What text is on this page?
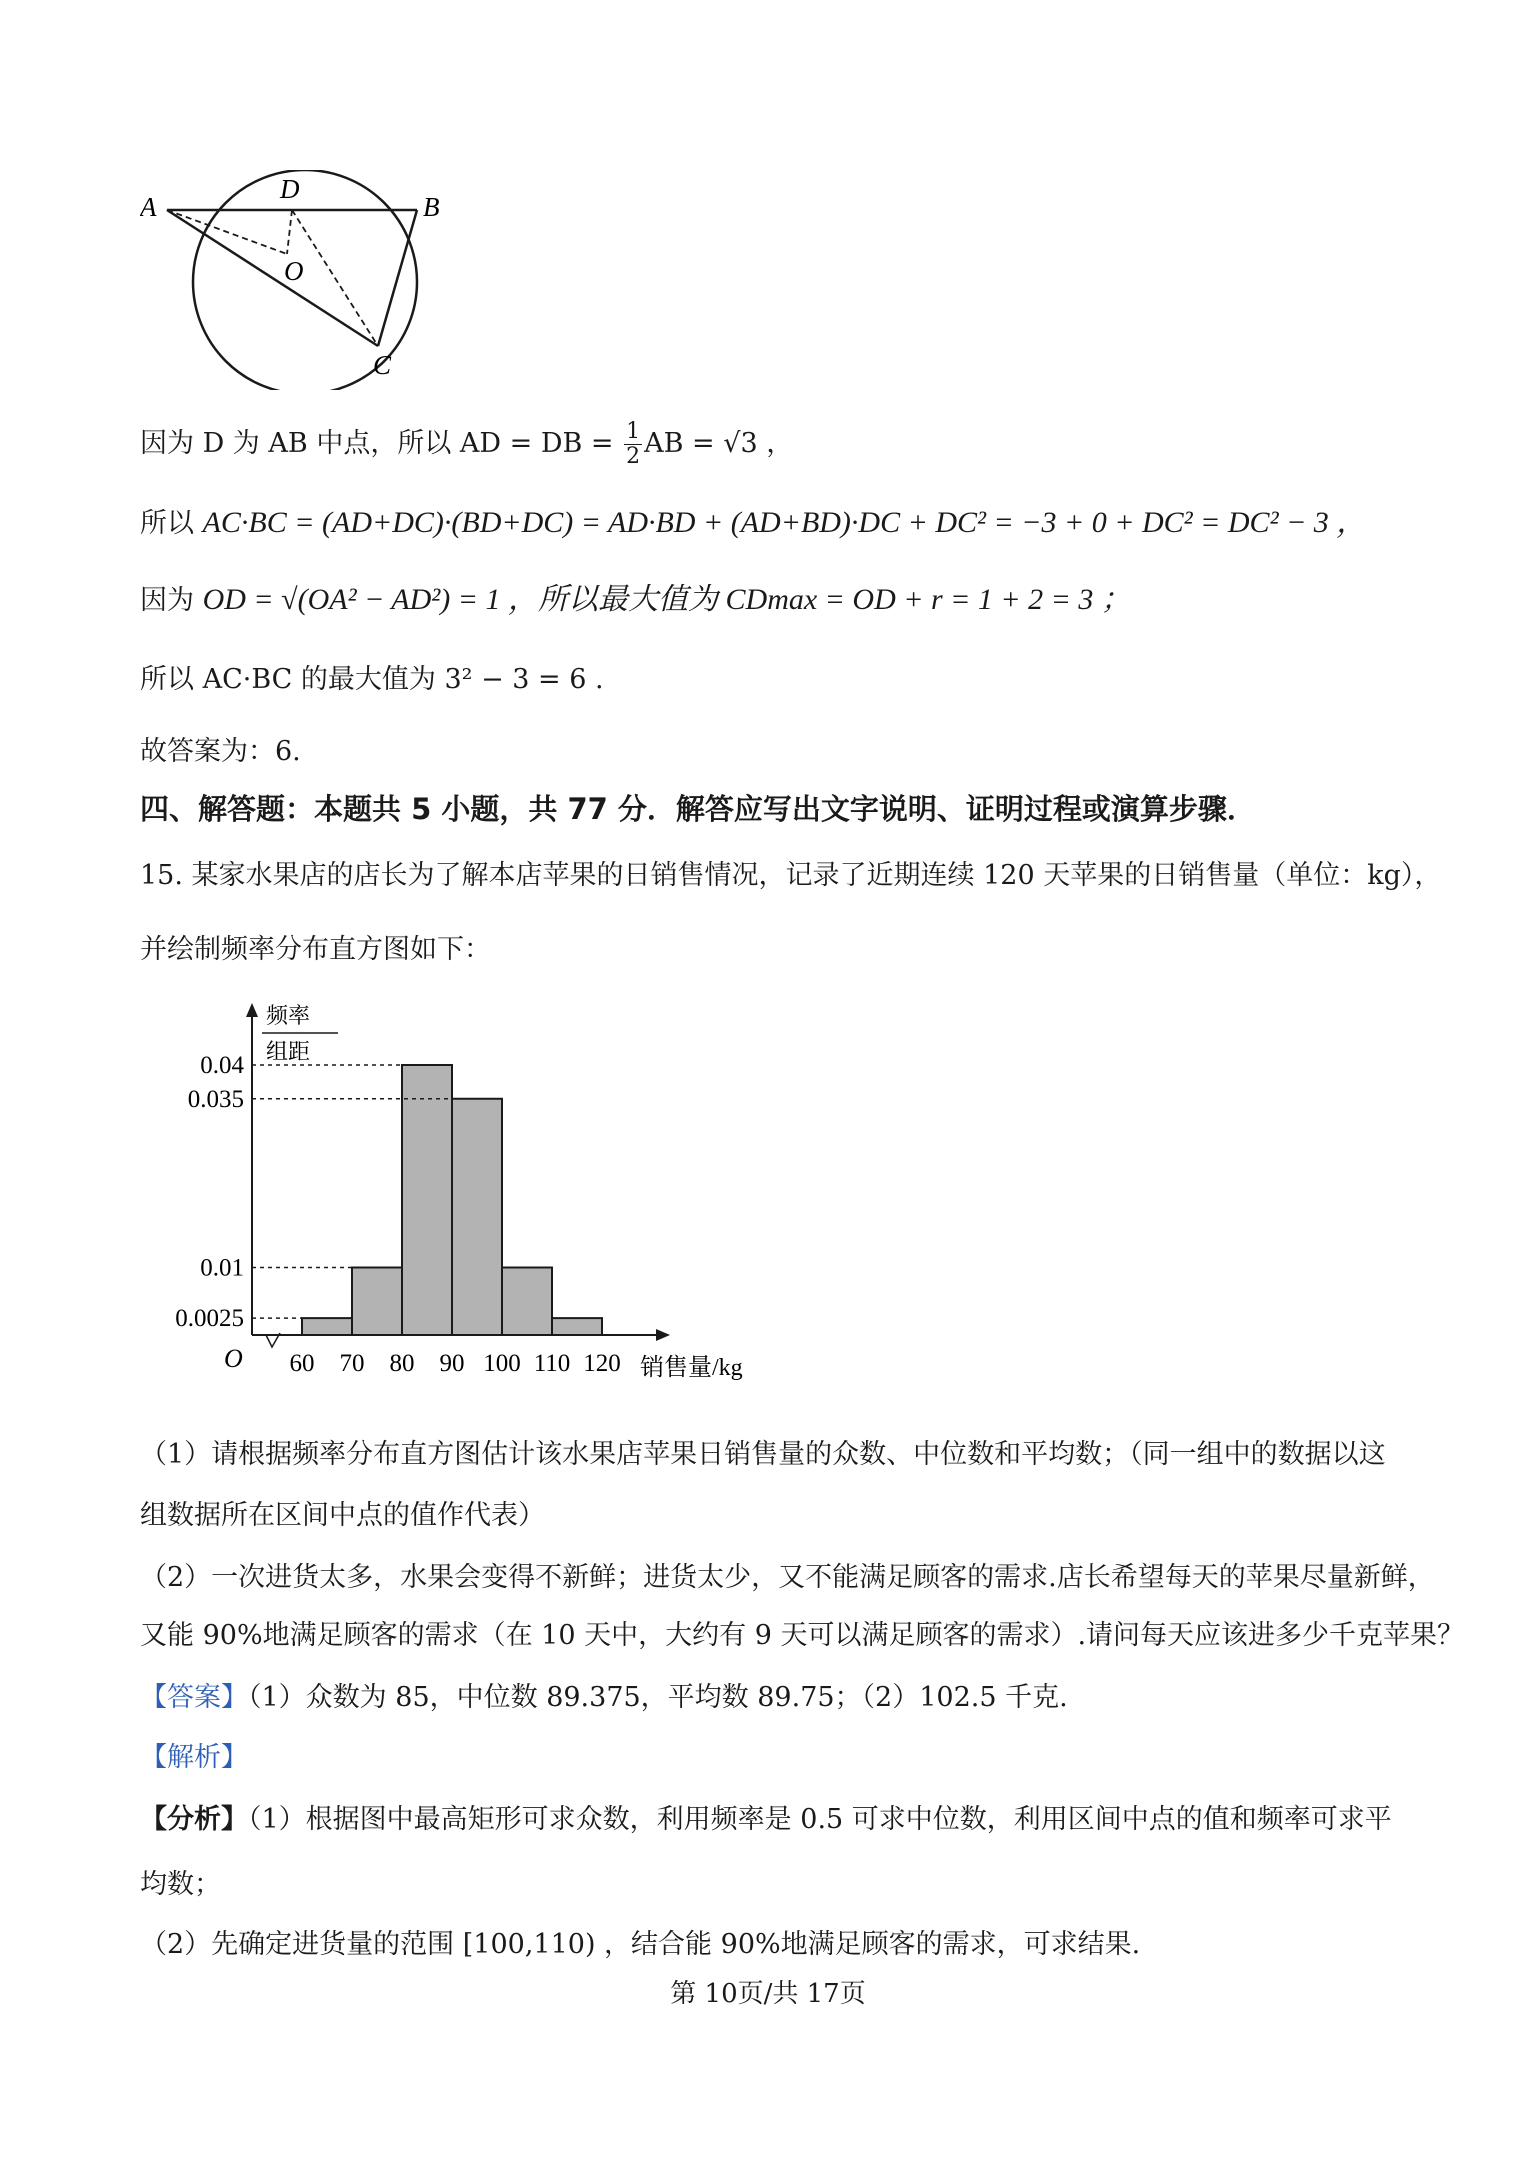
A	B
D
O
C
因为 D 为 AB 中点，所以 AD = DB = $\frac{1}{2}$ AB = √3 ，
所以 AC·BC = (AD+DC)·(BD+DC) = AD·BD + (AD+BD)·DC + DC² = −3 + 0 + DC² = DC² − 3 ，
因为 OD = √(OA² − AD²) = 1 ，所以最大值为 CDmax = OD + r = 1 + 2 = 3 ；
所以 AC·BC 的最大值为 3² − 3 = 6 .
故答案为：6.
四、解答题：本题共 5 小题，共 77 分．解答应写出文字说明、证明过程或演算步骤．
15. 某家水果店的店长为了解本店苹果的日销售情况，记录了近期连续 120 天苹果的日销售量（单位：kg），
并绘制频率分布直方图如下：
频率
组距
0.04
0.035
0.01
0.0025
60 70 80 90 100 110 120
O	销售量/kg
（1）请根据频率分布直方图估计该水果店苹果日销售量的众数、中位数和平均数；（同一组中的数据以这
组数据所在区间中点的值作代表）
（2）一次进货太多，水果会变得不新鲜；进货太少，又不能满足顾客的需求.店长希望每天的苹果尽量新鲜，
又能 90%地满足顾客的需求（在 10 天中，大约有 9 天可以满足顾客的需求）.请问每天应该进多少千克苹果？
【答案】（1）众数为 85，中位数 89.375，平均数 89.75；（2）102.5 千克.
【解析】
【分析】（1）根据图中最高矩形可求众数，利用频率是 0.5 可求中位数，利用区间中点的值和频率可求平
均数；
（2）先确定进货量的范围 [100,110) ，结合能 90%地满足顾客的需求，可求结果.
第 10页/共 17页
